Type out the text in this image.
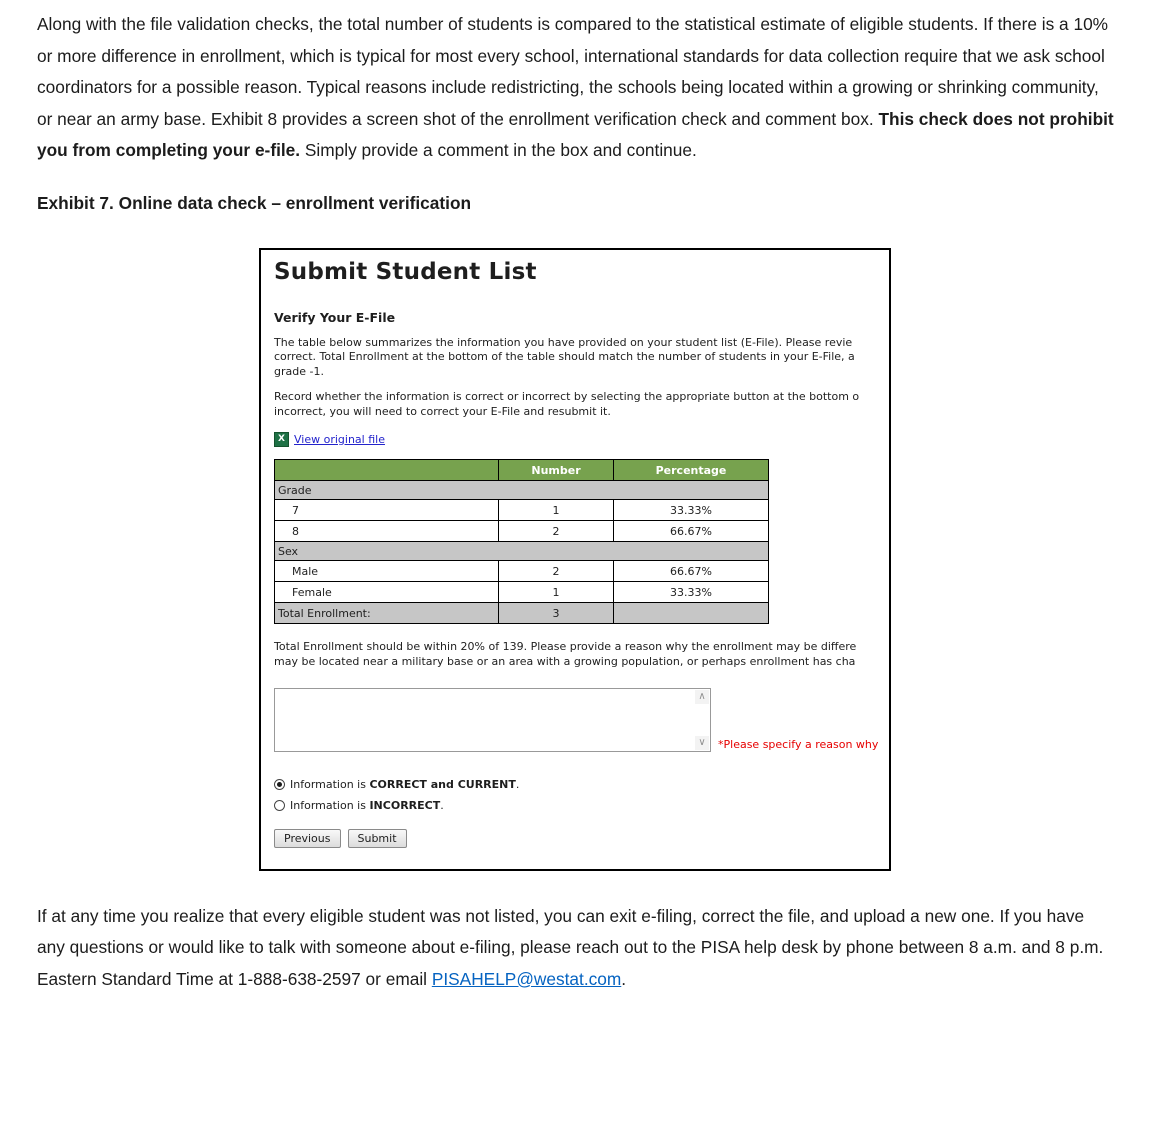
Along with the file validation checks, the total number of students is compared to the statistical estimate of eligible students. If there is a 10% or more difference in enrollment, which is typical for most every school, international standards for data collection require that we ask school coordinators for a possible reason. Typical reasons include redistricting, the schools being located within a growing or shrinking community, or near an army base. Exhibit 8 provides a screen shot of the enrollment verification check and comment box. This check does not prohibit you from completing your e-file. Simply provide a comment in the box and continue.

Exhibit 7. Online data check – enrollment verification
Submit Student List
Verify Your E-File
The table below summarizes the information you have provided on your student list (E-File). Please revie
correct. Total Enrollment at the bottom of the table should match the number of students in your E-File, a
grade -1.
Record whether the information is correct or incorrect by selecting the appropriate button at the bottom o
incorrect, you will need to correct your E-File and resubmit it.
X View original file
	Number	Percentage
Grade		
7	1	33.33%
8	2	66.67%
Sex		
Male	2	66.67%
Female	1	33.33%
Total Enrollment:	3	
Total Enrollment should be within 20% of 139. Please provide a reason why the enrollment may be differe
may be located near a military base or an area with a growing population, or perhaps enrollment has cha
∧
∨	*Please specify a reason why
Information is CORRECT and CURRENT.
Information is INCORRECT.
Previous	Submit

If at any time you realize that every eligible student was not listed, you can exit e-filing, correct the file, and upload a new one. If you have any questions or would like to talk with someone about e-filing, please reach out to the PISA help desk by phone between 8 a.m. and 8 p.m. Eastern Standard Time at 1-888-638-2597 or email PISAHELP@westat.com.
